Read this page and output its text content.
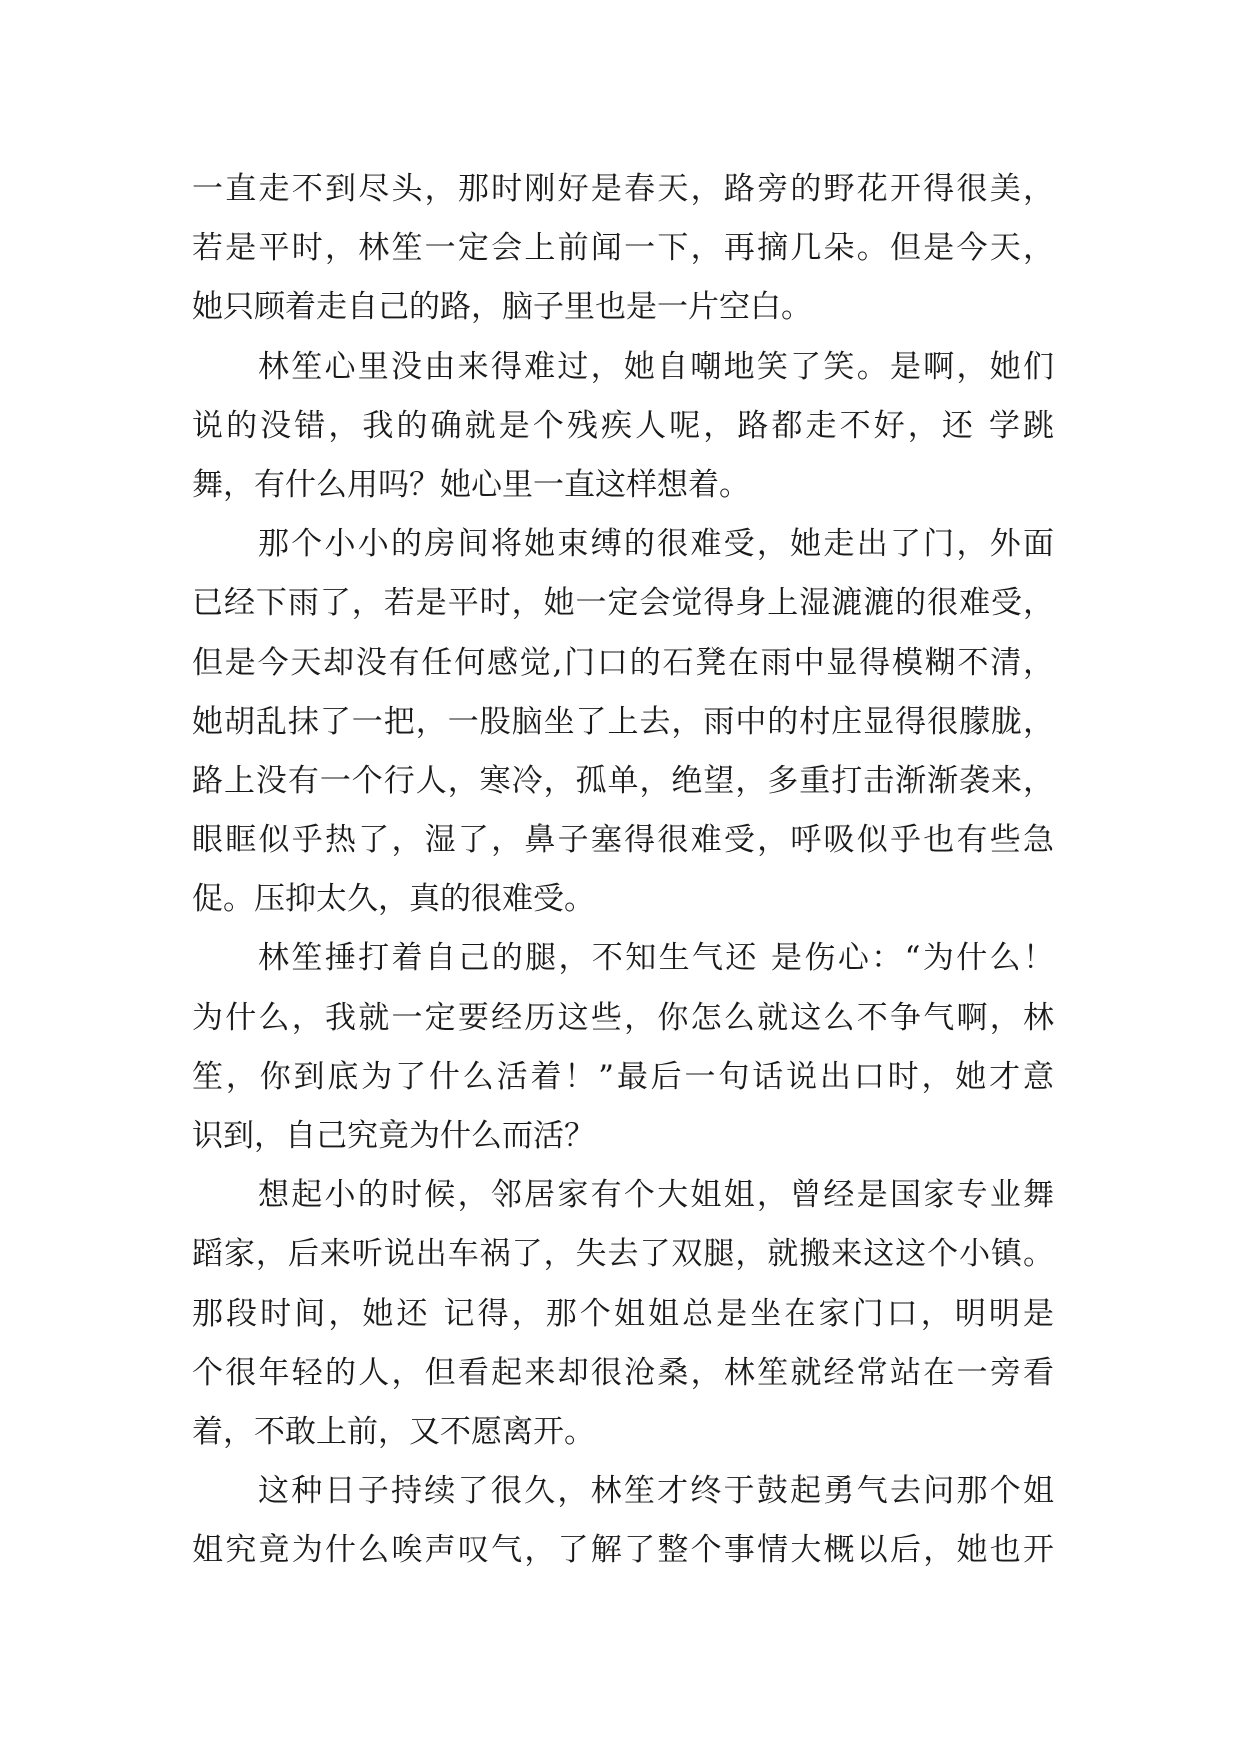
一直走不到尽头，那时刚好是春天，路旁的野花开得很美，
若是平时，林笙一定会上前闻一下，再摘几朵。但是今天，
她只顾着走自己的路，脑子里也是一片空白。
林笙心里没由来得难过，她自嘲地笑了笑。是啊，她们
说的没错，我的确就是个残疾人呢，路都走不好，还 学跳
舞，有什么用吗？她心里一直这样想着。
那个小小的房间将她束缚的很难受，她走出了门，外面
已经下雨了，若是平时，她一定会觉得身上湿漉漉的很难受，
但是今天却没有任何感觉,门口的石凳在雨中显得模糊不清，
她胡乱抹了一把，一股脑坐了上去，雨中的村庄显得很朦胧，
路上没有一个行人，寒冷，孤单，绝望，多重打击渐渐袭来，
眼眶似乎热了，湿了，鼻子塞得很难受，呼吸似乎也有些急
促。压抑太久，真的很难受。
林笙捶打着自己的腿，不知生气还 是伤心：“为什么！
为什么，我就一定要经历这些，你怎么就这么不争气啊，林
笙，你到底为了什么活着！”最后一句话说出口时，她才意
识到，自己究竟为什么而活？
想起小的时候，邻居家有个大姐姐，曾经是国家专业舞
蹈家，后来听说出车祸了，失去了双腿，就搬来这这个小镇。
那段时间，她还 记得，那个姐姐总是坐在家门口，明明是
个很年轻的人，但看起来却很沧桑，林笙就经常站在一旁看
着，不敢上前，又不愿离开。
这种日子持续了很久，林笙才终于鼓起勇气去问那个姐
姐究竟为什么唉声叹气，了解了整个事情大概以后，她也开
